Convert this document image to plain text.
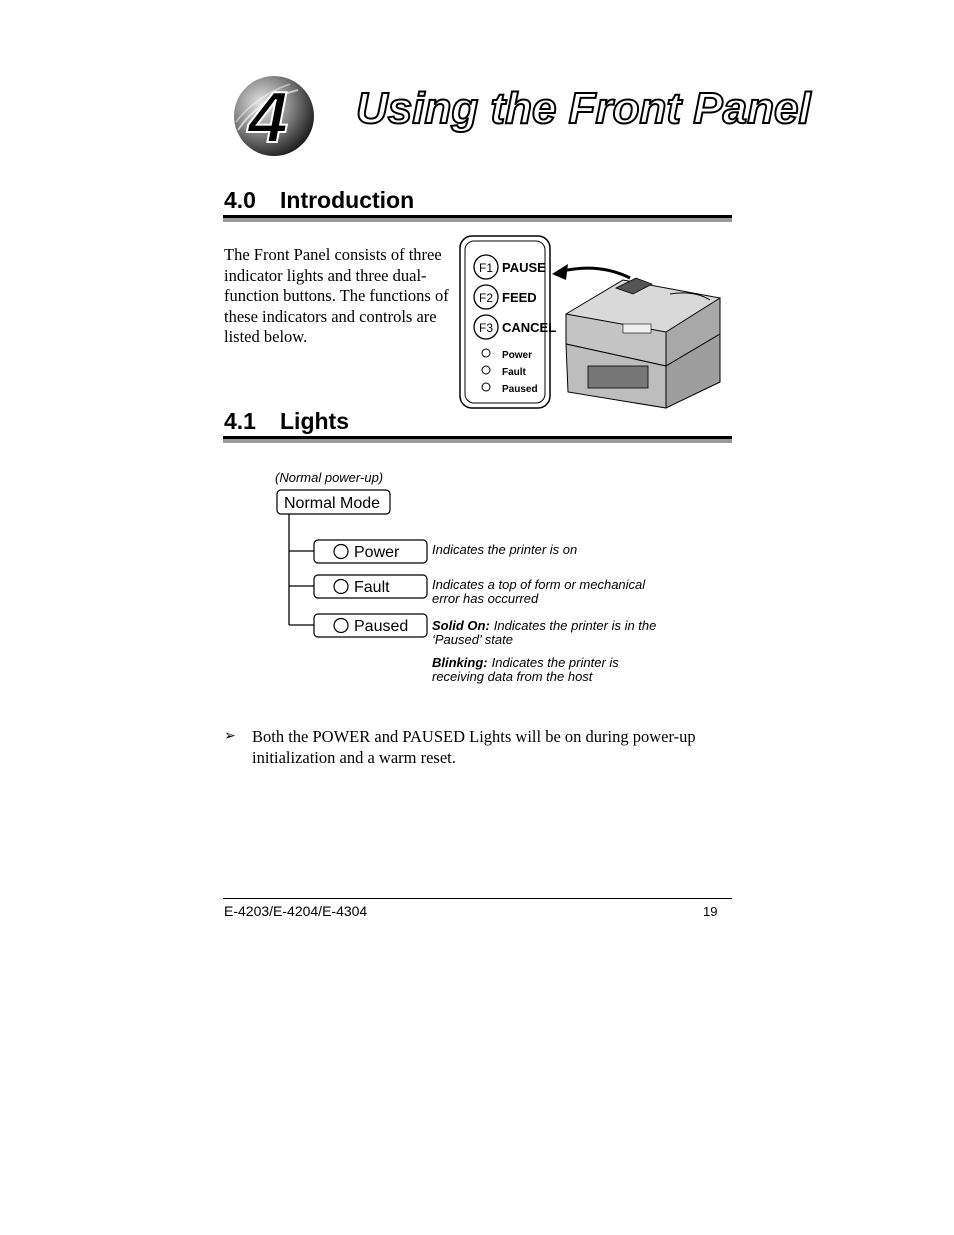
4 Using the Front Panel
4.0 Introduction
The Front Panel consists of three indicator lights and three dual-function buttons. The functions of these indicators and controls are listed below.
F1 PAUSE
F2 FEED
F3 CANCEL
Power
Fault
Paused
4.1 Lights
(Normal power-up)
Normal Mode
Power	Indicates the printer is on
Fault	Indicates a top of form or mechanical
error has occurred
Paused Solid On: Indicates the printer is in the
‘Paused’ state
Blinking: Indicates the printer is
receiving data from the host
➢ Both the POWER and PAUSED Lights will be on during power-up initialization and a warm reset.
E-4203/E-4204/E-4304	19
